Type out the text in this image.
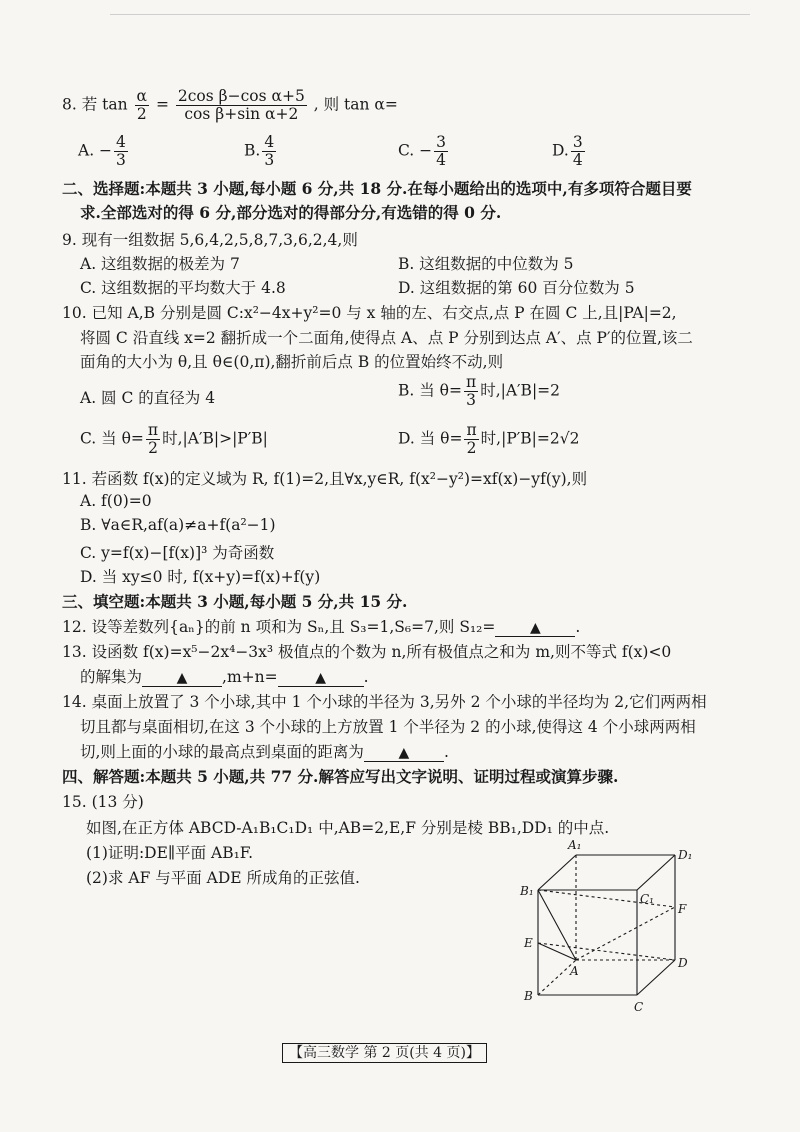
8. 若 $\tan \frac{\alpha}{2} = \frac{\text{2cos β−cos α+5}}{\text{cos β+sin α+2}}$ , 则 tan α=
A. − $\frac{4}{3}$	B. $\frac{4}{3}$	C. − $\frac{3}{4}$	D. $\frac{3}{4}$
二、选择题:本题共 3 小题,每小题 6 分,共 18 分.在每小题给出的选项中,有多项符合题目要
求.全部选对的得 6 分,部分选对的得部分分,有选错的得 0 分.
9. 现有一组数据 5,6,4,2,5,8,7,3,6,2,4,则
A. 这组数据的极差为 7	B. 这组数据的中位数为 5
C. 这组数据的平均数大于 4.8	D. 这组数据的第 60 百分位数为 5
10. 已知 A,B 分别是圆 C:x²−4x+y²=0 与 x 轴的左、右交点,点 P 在圆 C 上,且|PA|=2,
将圆 C 沿直线 x=2 翻折成一个二面角,使得点 A、点 P 分别到达点 A′、点 P′的位置,该二
面角的大小为 θ,且 θ∈(0,π),翻折前后点 B 的位置始终不动,则
A. 圆 C 的直径为 4	B. 当 $\theta= \frac{\pi}{3}$ 时,|A′B|=2
C. 当 $\theta= \frac{\pi}{2}$ 时,|A′B|>|P′B|	D. 当 $\theta= \frac{\pi}{2}$ 时,|P′B|=2√2
11. 若函数 f(x)的定义域为 R, f(1)=2,且∀x,y∈R, f(x²−y²)=xf(x)−yf(y),则
A. f(0)=0
B. ∀a∈R,af(a)≠a+f(a²−1)
C. y=f(x)−[f(x)]³ 为奇函数
D. 当 xy≤0 时, f(x+y)=f(x)+f(y)
三、填空题:本题共 3 小题,每小题 5 分,共 15 分.
12. 设等差数列{aₙ}的前 n 项和为 Sₙ,且 S₃=1,S₆=7,则 S₁₂= ▲ .
13. 设函数 f(x)=x⁵−2x⁴−3x³ 极值点的个数为 n,所有极值点之和为 m,则不等式 f(x)<0
的解集为 ▲ ,m+n=	▲ .
14. 桌面上放置了 3 个小球,其中 1 个小球的半径为 3,另外 2 个小球的半径均为 2,它们两两相
切且都与桌面相切,在这 3 个小球的上方放置 1 个半径为 2 的小球,使得这 4 个小球两两相
切,则上面的小球的最高点到桌面的距离为 ▲ .
四、解答题:本题共 5 小题,共 77 分.解答应写出文字说明、证明过程或演算步骤.
15. (13 分)
如图,在正方体 ABCD-A₁B₁C₁D₁ 中,AB=2,E,F 分别是棱 BB₁,DD₁ 的中点.
(1)证明:DE∥平面 AB₁F.
(2)求 AF 与平面 ADE 所成角的正弦值.
A₁
D₁
B₁
C₁
F
E
A
D
B
C
【高三数学 第 2 页(共 4 页)】
